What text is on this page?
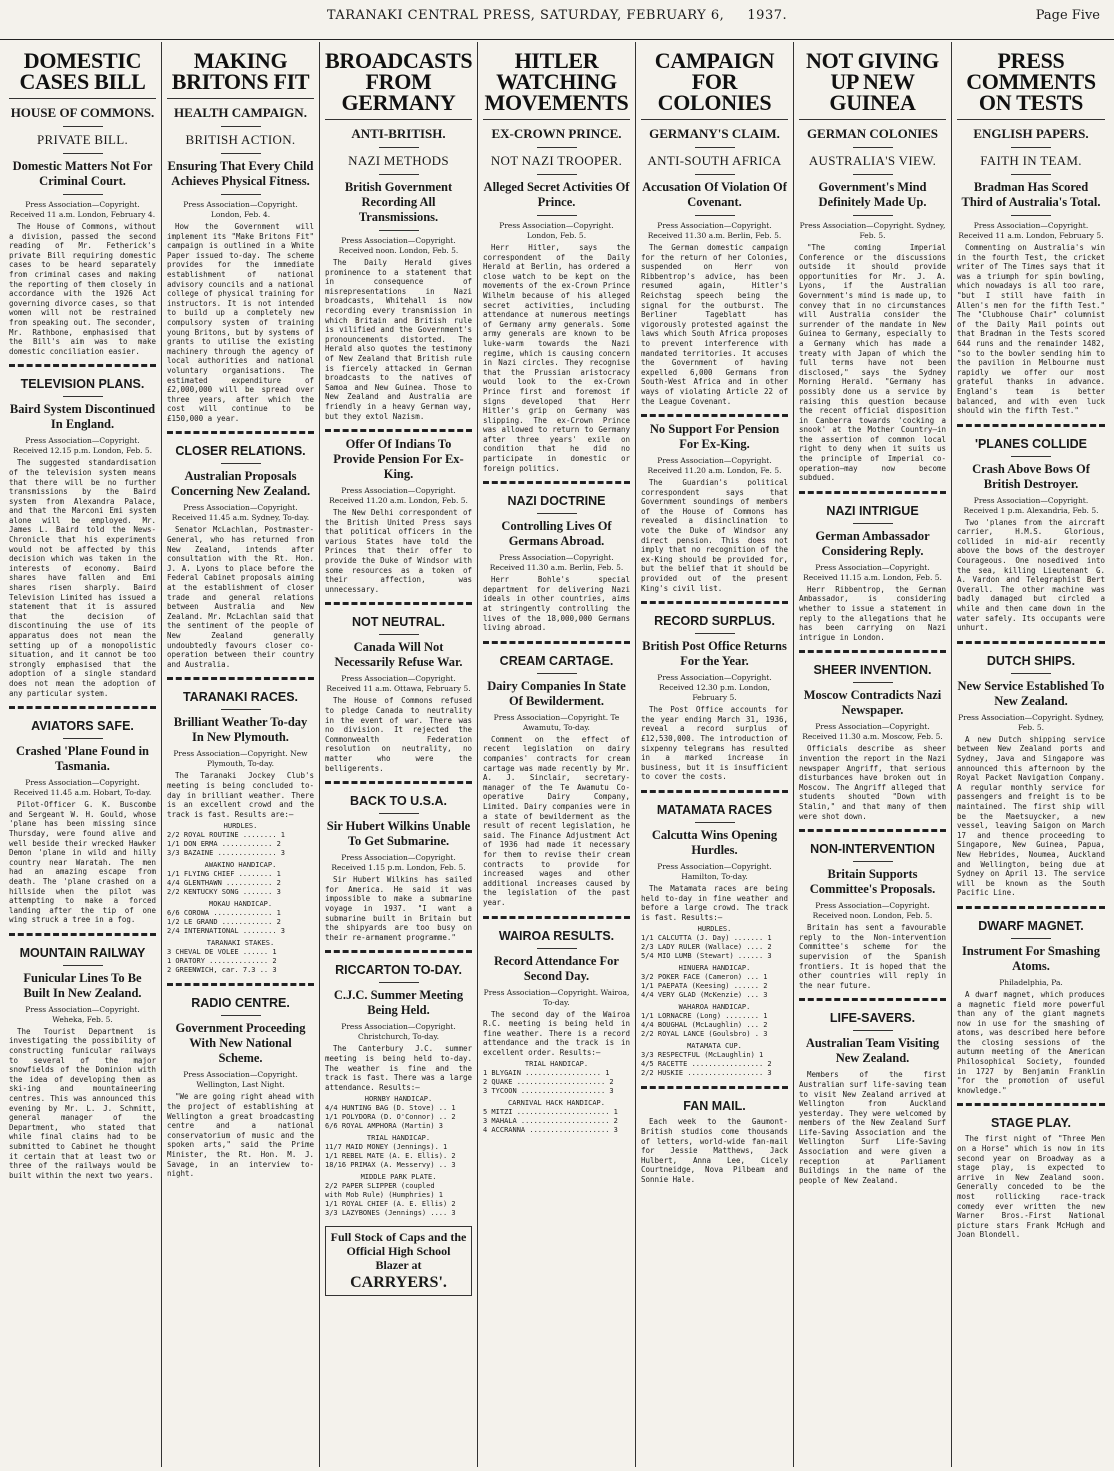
TARANAKI CENTRAL PRESS, SATURDAY, FEBRUARY 6, 1937.	Page Five
DOMESTIC CASES BILL
HOUSE OF COMMONS.
PRIVATE BILL.
Domestic Matters Not For Criminal Court.
Press Association—Copyright. Received 11 a.m. London, February 4.

The House of Commons, without a division, passed the second reading of Mr. Fetherick's private Bill requiring domestic cases to be heard separately from criminal cases and making the reporting of them closely in accordance with the 1926 Act governing divorce cases, so that women will not be restrained from speaking out. The seconder, Mr. Rathbone, emphasised that the Bill's aim was to make domestic conciliation easier.

TELEVISION PLANS.
Baird System Discontinued In England.
Press Association—Copyright. Received 12.15 p.m. London, Feb. 5.

The suggested standardisation of the television system means that there will be no further transmissions by the Baird system from Alexandra Palace, and that the Marconi Emi system alone will be employed. Mr. James L. Baird told the News-Chronicle that his experiments would not be affected by this decision which was taken in the interests of economy. Baird shares have fallen and Emi shares risen sharply. Baird Television Limited has issued a statement that it is assured that the decision of discontinuing the use of its apparatus does not mean the setting up of a monopolistic situation, and it cannot be too strongly emphasised that the adoption of a single standard does not mean the adoption of any particular system.

AVIATORS SAFE.
Crashed 'Plane Found in Tasmania.
Press Association—Copyright. Received 11.45 a.m. Hobart, To-day.

Pilot-Officer G. K. Buscombe and Sergeant W. H. Gould, whose 'plane has been missing since Thursday, were found alive and well beside their wrecked Hawker Demon 'plane in wild and hilly country near Waratah. The men had an amazing escape from death. The 'plane crashed on a hillside when the pilot was attempting to make a forced landing after the tip of one wing struck a tree in a fog.

MOUNTAIN RAILWAY
Funicular Lines To Be Built In New Zealand.
Press Association—Copyright. Weheka, Feb. 5.

The Tourist Department is investigating the possibility of constructing funicular railways to several of the major snowfields of the Dominion with the idea of developing them as ski-ing and mountaineering centres. This was announced this evening by Mr. L. J. Schmitt, general manager of the Department, who stated that while final claims had to be submitted to Cabinet he thought it certain that at least two or three of the railways would be built within the next two years.

MAKING BRITONS FIT
HEALTH CAMPAIGN.
BRITISH ACTION.
Ensuring That Every Child Achieves Physical Fitness.
Press Association—Copyright. London, Feb. 4.

How the Government will implement its "Make Britons Fit" campaign is outlined in a White Paper issued to-day. The scheme provides for the immediate establishment of national advisory councils and a national college of physical training for instructors. It is not intended to build up a completely new compulsory system of training young Britons, but by systems of grants to utilise the existing machinery through the agency of local authorities and national voluntary organisations. The estimated expenditure of £2,000,000 will be spread over three years, after which the cost will continue to be £150,000 a year.

CLOSER RELATIONS.
Australian Proposals Concerning New Zealand.
Press Association—Copyright. Received 11.45 a.m. Sydney, To-day.

Senator McLachlan, Postmaster-General, who has returned from New Zealand, intends after consultation with the Rt. Hon. J. A. Lyons to place before the Federal Cabinet proposals aiming at the establishment of closer trade and general relations between Australia and New Zealand. Mr. McLachlan said that the sentiment of the people of New Zealand generally undoubtedly favours closer co-operation between their country and Australia.

TARANAKI RACES.
Brilliant Weather To-day In New Plymouth.
Press Association—Copyright. New Plymouth, To-day.

The Taranaki Jockey Club's meeting is being concluded to-day in brilliant weather. There is an excellent crowd and the track is fast. Results are:—

HURDLES.
2/2 ROYAL ROUTINE ........ 1
1/1 DON ERMA ............ 2
3/3 BAZAINE .............. 3
AWAKINO HANDICAP.
1/1 FLYING CHIEF ........ 1
4/4 GLENTHAWN ........... 2
2/2 KENTUCKY SONG ....... 3
MOKAU HANDICAP.
6/6 COROWA .............. 1
1/2 LE GRAND ............ 2
2/4 INTERNATIONAL ........ 3
TARANAKI STAKES.
3 CHEVAL DE VOLEE ...... 1
1 ORATORY .............. 2
2 GREENWICH, car. 7.3 .. 3
RADIO CENTRE.
Government Proceeding With New National Scheme.
Press Association—Copyright. Wellington, Last Night.

"We are going right ahead with the project of establishing at Wellington a great broadcasting centre and a national conservatorium of music and the spoken arts," said the Prime Minister, the Rt. Hon. M. J. Savage, in an interview to-night.

BROADCASTS FROM GERMANY
ANTI-BRITISH.
NAZI METHODS
British Government Recording All Transmissions.
Press Association—Copyright. Received noon. London, Feb. 5.

The Daily Herald gives prominence to a statement that in consequence of misrepresentations in Nazi broadcasts, Whitehall is now recording every transmission in which Britain and British rule is vilified and the Government's pronouncements distorted. The Herald also quotes the testimony of New Zealand that British rule is fiercely attacked in German broadcasts to the natives of Samoa and New Guinea. Those to New Zealand and Australia are friendly in a heavy German way, but they extol Nazism.

Offer Of Indians To Provide Pension For Ex-King.
Press Association—Copyright. Received 11.20 a.m. London, Feb. 5.

The New Delhi correspondent of the British United Press says that political officers in the various States have told the Princes that their offer to provide the Duke of Windsor with some resources as a token of their affection, was unnecessary.

NOT NEUTRAL.
Canada Will Not Necessarily Refuse War.
Press Association—Copyright. Received 11 a.m. Ottawa, February 5.

The House of Commons refused to pledge Canada to neutrality in the event of war. There was no division. It rejected the Commonwealth Federation resolution on neutrality, no matter who were the belligerents.

BACK TO U.S.A.
Sir Hubert Wilkins Unable To Get Submarine.
Press Association—Copyright. Received 1.15 p.m. London, Feb. 5.

Sir Hubert Wilkins has sailed for America. He said it was impossible to make a submarine voyage in 1937. "I want a submarine built in Britain but the shipyards are too busy on their re-armament programme."

RICCARTON TO-DAY.
C.J.C. Summer Meeting Being Held.
Press Association—Copyright. Christchurch, To-day.

The Canterbury J.C. summer meeting is being held to-day. The weather is fine and the track is fast. There was a large attendance. Results:—

HORNBY HANDICAP.
4/4 HUNTING BAG (D. Stove) .. 1
1/1 POLYDORA (D. O'Connor) .. 2
6/6 ROYAL AMPHORA (Martin) 3
TRIAL HANDICAP.
11/7 MAID MONEY (Jennings). 1
1/1 REBEL MATE (A. E. Ellis). 2
18/16 PRIMAX (A. Messervy) .. 3
MIDDLE PARK PLATE.
2/2 PAPER SLIPPER (coupled
with Mob Rule) (Humphries) 1
1/1 ROYAL CHIEF (A. E. Ellis) 2
3/3 LAZYBONES (Jennings) .... 3
Full Stock of Caps and the Official High School Blazer at
CARRYERS'.
HITLER WATCHING MOVEMENTS
EX-CROWN PRINCE.
NOT NAZI TROOPER.
Alleged Secret Activities Of Prince.
Press Association—Copyright. London, Feb. 5.

Herr Hitler, says the correspondent of the Daily Herald at Berlin, has ordered a close watch to be kept on the movements of the ex-Crown Prince Wilhelm because of his alleged secret activities, including attendance at numerous meetings of Germany army generals. Some army generals are known to be luke-warm towards the Nazi regime, which is causing concern in Nazi circles. They recognise that the Prussian aristocracy would look to the ex-Crown Prince first and foremost if signs developed that Herr Hitler's grip on Germany was slipping. The ex-Crown Prince was allowed to return to Germany after three years' exile on condition that he did no participate in domestic or foreign politics.

NAZI DOCTRINE
Controlling Lives Of Germans Abroad.
Press Association—Copyright. Received 11.30 a.m. Berlin, Feb. 5.

Herr Bohle's special department for delivering Nazi ideals in other countries, aims at stringently controlling the lives of the 18,000,000 Germans living abroad.

CREAM CARTAGE.
Dairy Companies In State Of Bewilderment.
Press Association—Copyright. Te Awamutu, To-day.

Comment on the effect of recent legislation on dairy companies' contracts for cream cartage was made recently by Mr. A. J. Sinclair, secretary-manager of the Te Awamutu Co-operative Dairy Company, Limited. Dairy companies were in a state of bewilderment as the result of recent legislation, he said. The Finance Adjustment Act of 1936 had made it necessary for them to revise their cream contracts to provide for increased wages and other additional increases caused by the legislation of the past year.

WAIROA RESULTS.
Record Attendance For Second Day.
Press Association—Copyright. Wairoa, To-day.

The second day of the Wairoa R.C. meeting is being held in fine weather. There is a record attendance and the track is in excellent order. Results:—

TRIAL HANDICAP.
1 BLYGAIN .................. 1
2 QUAKE ..................... 2
3 TYCOON .................... 3
CARNIVAL HACK HANDICAP.
5 MITZI ...................... 1
3 MAHALA ..................... 2
4 ACCRANNA ................... 3
CAMPAIGN FOR COLONIES
GERMANY'S CLAIM.
ANTI-SOUTH AFRICA
Accusation Of Violation Of Covenant.
Press Association—Copyright. Received 11.30 a.m. Berlin, Feb. 5.

The German domestic campaign for the return of her Colonies, suspended on Herr von Ribbentrop's advice, has been resumed again, Hitler's Reichstag speech being the signal for the outburst. The Berliner Tageblatt has vigorously protested against the laws which South Africa proposes to prevent interference with mandated territories. It accuses the Government of having expelled 6,000 Germans from South-West Africa and in other ways of violating Article 22 of the League Covenant.

No Support For Pension For Ex-King.
Press Association—Copyright. Received 11.20 a.m. London, Fe. 5.

The Guardian's political correspondent says that Government soundings of members of the House of Commons has revealed a disinclination to vote the Duke of Windsor any direct pension. This does not imply that no recognition of the ex-King should be provided for, but the belief that it should be provided out of the present King's civil list.

RECORD SURPLUS.
British Post Office Returns For the Year.
Press Association—Copyright. Received 12.30 p.m. London, February 5.

The Post Office accounts for the year ending March 31, 1936, reveal a record surplus of £12,530,000. The introduction of sixpenny telegrams has resulted in a marked increase in business, but it is insufficient to cover the costs.

MATAMATA RACES
Calcutta Wins Opening Hurdles.
Press Association—Copyright. Hamilton, To-day.

The Matamata races are being held to-day in fine weather and before a large crowd. The track is fast. Results:—

HURDLES.
1/1 CALCUTTA (J. Day) ....... 1
2/3 LADY RULER (Wallace) .... 2
5/4 MIO LUMB (Stewart) ...... 3
HINUERA HANDICAP.
3/2 POKER FACE (Cameron) ... 1
1/1 PAEPATA (Keesing) ...... 2
4/4 VERY GLAD (McKenzie) ... 3
WAHAROA HANDICAP.
1/1 LORNACRE (Long) ........ 1
4/4 BOUGHAL (McLaughlin) ... 2
2/2 ROYAL LANCE (Goulsbro) . 3
MATAMATA CUP.
3/3 RESPECTFUL (McLaughlin) 1
4/5 RACETTE ................. 2
2/2 HUSKIE .................. 3
FAN MAIL.

Each week to the Gaumont-British studios come thousands of letters, world-wide fan-mail for Jessie Matthews, Jack Hulbert, Anna Lee, Cicely Courtneidge, Nova Pilbeam and Sonnie Hale.

NOT GIVING UP NEW GUINEA
GERMAN COLONIES
AUSTRALIA'S VIEW.
Government's Mind Definitely Made Up.
Press Association—Copyright. Sydney, Feb. 5.

"The coming Imperial Conference or the discussions outside it should provide opportunities for Mr. J. A. Lyons, if the Australian Government's mind is made up, to convey that in no circumstances will Australia consider the surrender of the mandate in New Guinea to Germany, especially to a Germany which has made a treaty with Japan of which the full terms have not been disclosed," says the Sydney Morning Herald. "Germany has possibly done us a service by raising this question because the recent official disposition in Canberra towards 'cocking a snook' at the Mother Country—in the assertion of common local right to deny when it suits us the principle of Imperial co-operation—may now become subdued.

NAZI INTRIGUE
German Ambassador Considering Reply.
Press Association—Copyright. Received 11.15 a.m. London, Feb. 5.

Herr Ribbentrop, the German Ambassador, is considering whether to issue a statement in reply to the allegations that he has been carrying on Nazi intrigue in London.

SHEER INVENTION.
Moscow Contradicts Nazi Newspaper.
Press Association—Copyright. Received 11.30 a.m. Moscow, Feb. 5.

Officials describe as sheer invention the report in the Nazi newspaper Angriff, that serious disturbances have broken out in Moscow. The Angriff alleged that students shouted "Down with Stalin," and that many of them were shot down.

NON-INTERVENTION
Britain Supports Committee's Proposals.
Press Association—Copyright. Received noon. London, Feb. 5.

Britain has sent a favourable reply to the Non-intervention Committee's scheme for the supervision of the Spanish frontiers. It is hoped that the other countries will reply in the near future.

LIFE-SAVERS.
Australian Team Visiting New Zealand.

Members of the first Australian surf life-saving team to visit New Zealand arrived at Wellington from Auckland yesterday. They were welcomed by members of the New Zealand Surf Life-Saving Association and the Wellington Surf Life-Saving Association and were given a reception at Parliament Buildings in the name of the people of New Zealand.

PRESS COMMENTS ON TESTS
ENGLISH PAPERS.
FAITH IN TEAM.
Bradman Has Scored Third of Australia's Total.
Press Association—Copyright. Received 11 a.m. London, February 5.

Commenting on Australia's win in the fourth Test, the cricket writer of The Times says that it was a triumph for spin bowling, which nowadays is all too rare, "but I still have faith in Allen's men for the fifth Test." The "Clubhouse Chair" columnist of the Daily Mail points out that Bradman in the Tests scored 644 runs and the remainder 1482, "so to the bowler sending him to the pavilion in Melbourne must rapidly we offer our most grateful thanks in advance. England's team is better balanced, and with even luck should win the fifth Test."

'PLANES COLLIDE
Crash Above Bows Of British Destroyer.
Press Association—Copyright. Received 1 p.m. Alexandria, Feb. 5.

Two 'planes from the aircraft carrier, H.M.S. Glorious, collided in mid-air recently above the bows of the destroyer Courageous. One nosedived into the sea, killing Lieutenant G. A. Vardon and Telegraphist Bert Overall. The other machine was badly damaged but circled a while and then came down in the water safely. Its occupants were unhurt.

DUTCH SHIPS.
New Service Established To New Zealand.
Press Association—Copyright. Sydney, Feb. 5.

A new Dutch shipping service between New Zealand ports and Sydney, Java and Singapore was announced this afternoon by the Royal Packet Navigation Company. A regular monthly service for passengers and freight is to be maintained. The first ship will be the Maetsuycker, a new vessel, leaving Saigon on March 17 and thence proceeding to Singapore, New Guinea, Papua, New Hebrides, Noumea, Auckland and Wellington, being due at Sydney on April 13. The service will be known as the South Pacific Line.

DWARF MAGNET.
Instrument For Smashing Atoms.
Philadelphia, Pa.

A dwarf magnet, which produces a magnetic field more powerful than any of the giant magnets now in use for the smashing of atoms, was described here before the closing sessions of the autumn meeting of the American Philosophical Society, founded in 1727 by Benjamin Franklin "for the promotion of useful knowledge."

STAGE PLAY.

The first night of "Three Men on a Horse" which is now in its second year on Broadway as a stage play, is expected to arrive in New Zealand soon. Generally conceded to be the most rollicking race-track comedy ever written the new Warner Bros.-First National picture stars Frank McHugh and Joan Blondell.
